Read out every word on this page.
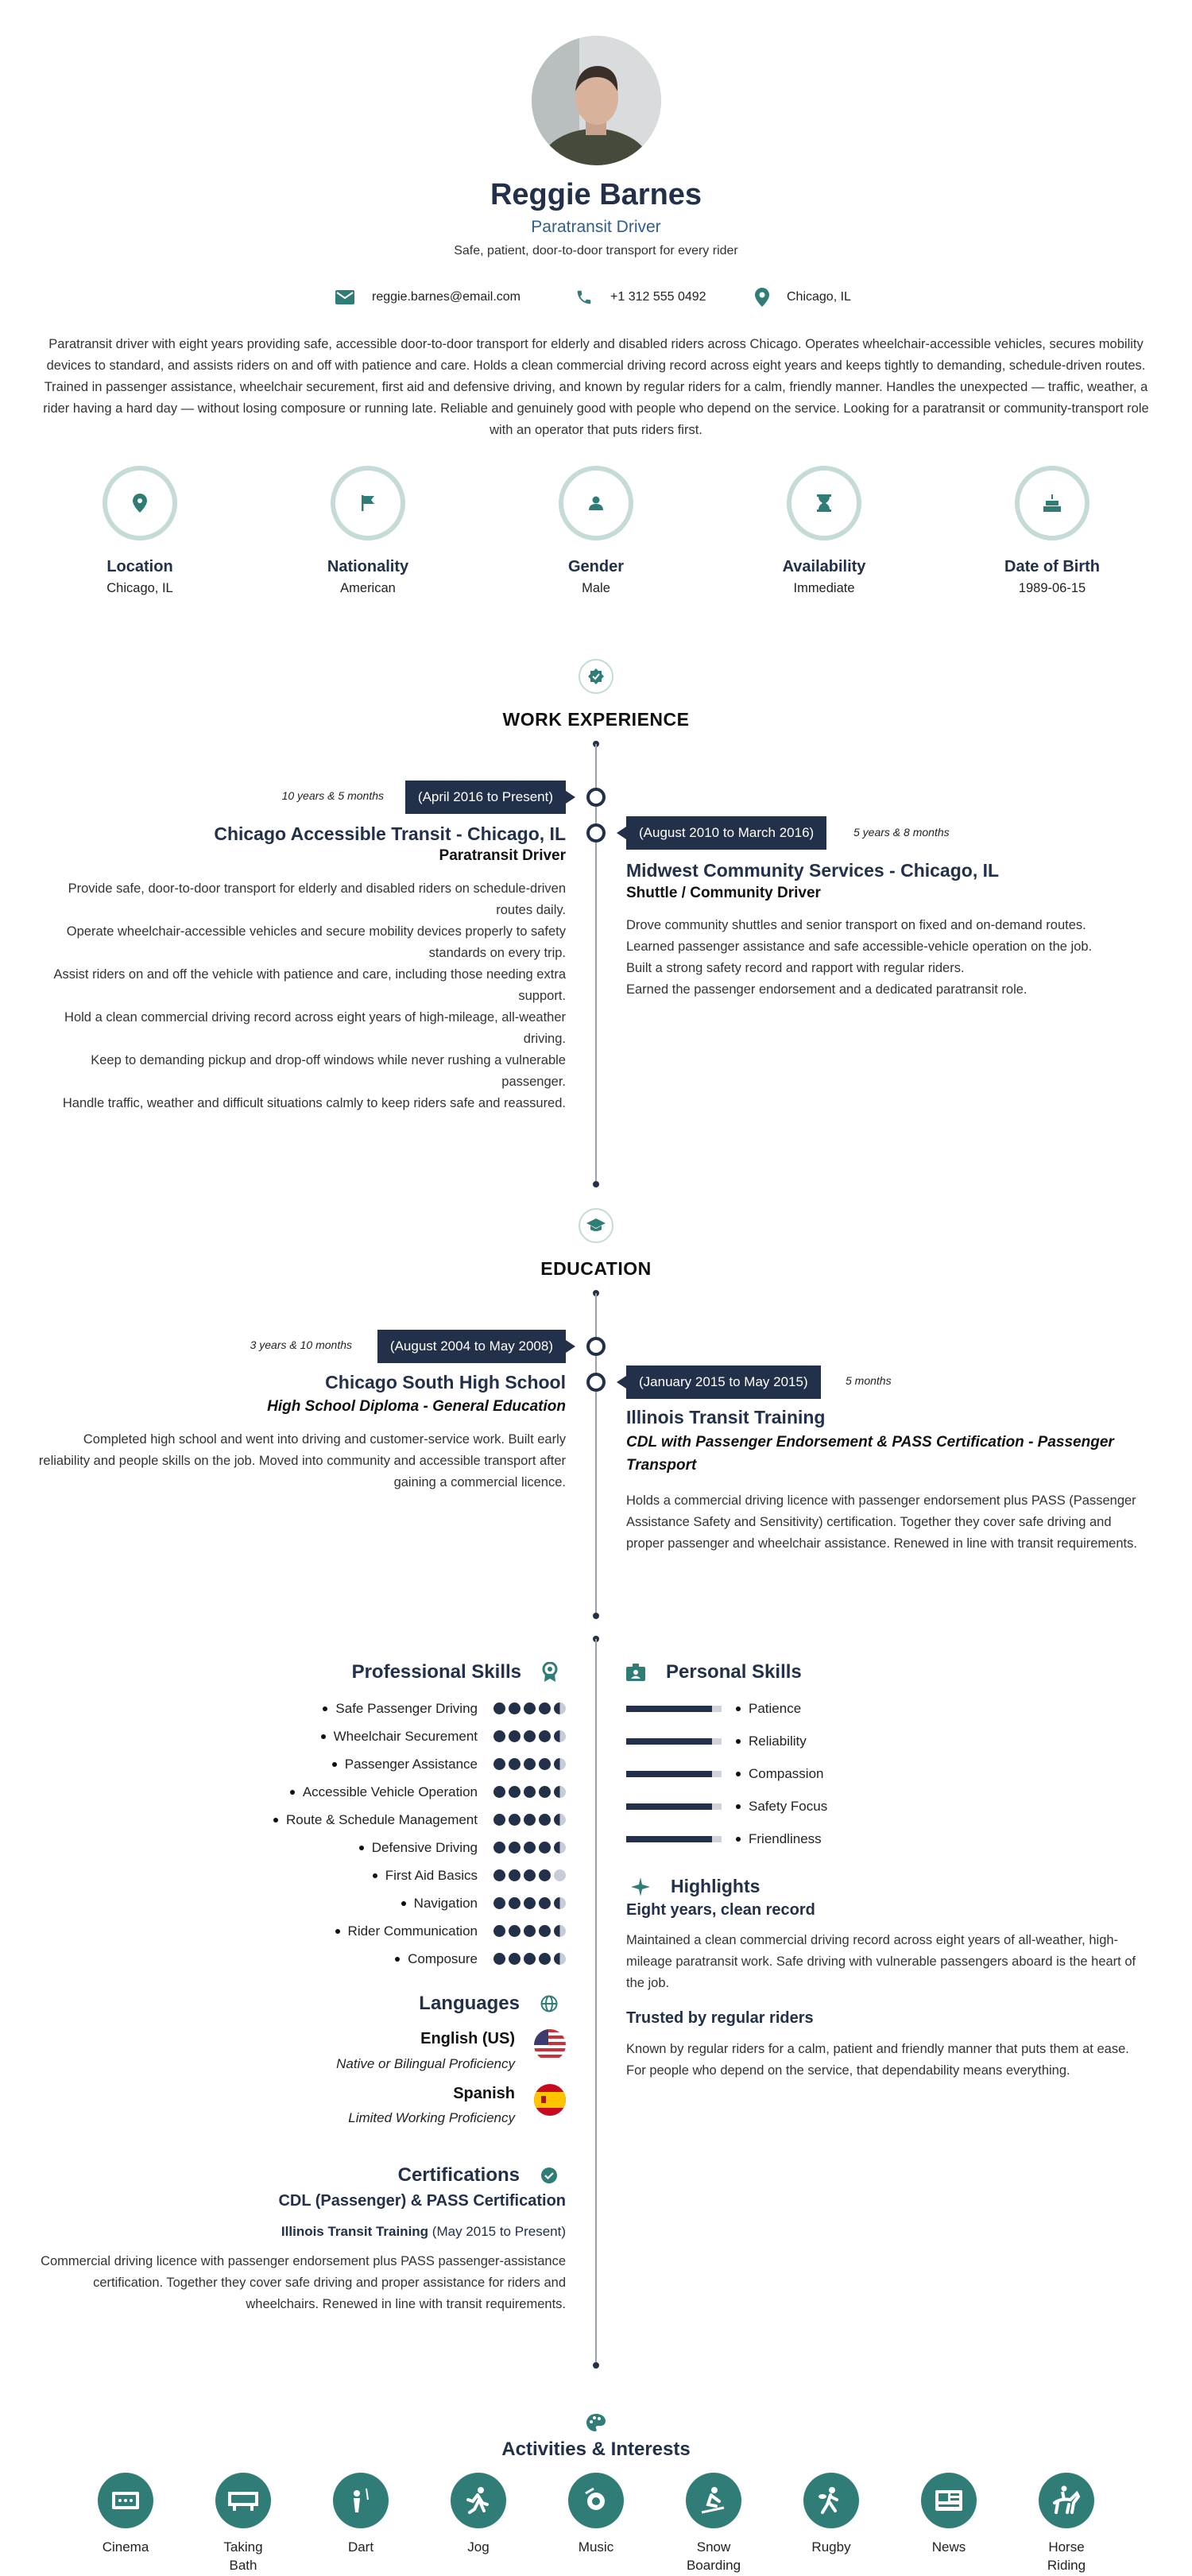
Reggie Barnes
Paratransit Driver
Safe, patient, door-to-door transport for every rider
reggie.barnes@email.com	+1 312 555 0492	Chicago, IL
Paratransit driver with eight years providing safe, accessible door-to-door transport for elderly and disabled riders across Chicago. Operates wheelchair-accessible vehicles, secures mobility devices to standard, and assists riders on and off with patience and care. Holds a clean commercial driving record across eight years and keeps tightly to demanding, schedule-driven routes. Trained in passenger assistance, wheelchair securement, first aid and defensive driving, and known by regular riders for a calm, friendly manner. Handles the unexpected — traffic, weather, a rider having a hard day — without losing composure or running late. Reliable and genuinely good with people who depend on the service. Looking for a paratransit or community-transport role with an operator that puts riders first.
Location
Chicago, IL
Nationality
American
Gender
Male
Availability
Immediate
Date of Birth
1989-06-15
WORK EXPERIENCE
10 years & 5 months	(April 2016 to Present)
Chicago Accessible Transit - Chicago, IL
Paratransit Driver
Provide safe, door-to-door transport for elderly and disabled riders on schedule-driven routes daily.
Operate wheelchair-accessible vehicles and secure mobility devices properly to safety standards on every trip.
Assist riders on and off the vehicle with patience and care, including those needing extra support.
Hold a clean commercial driving record across eight years of high-mileage, all-weather driving.
Keep to demanding pickup and drop-off windows while never rushing a vulnerable passenger.
Handle traffic, weather and difficult situations calmly to keep riders safe and reassured.
(August 2010 to March 2016)	5 years & 8 months
Midwest Community Services - Chicago, IL
Shuttle / Community Driver
Drove community shuttles and senior transport on fixed and on-demand routes.
Learned passenger assistance and safe accessible-vehicle operation on the job.
Built a strong safety record and rapport with regular riders.
Earned the passenger endorsement and a dedicated paratransit role.
EDUCATION
3 years & 10 months	(August 2004 to May 2008)
Chicago South High School
High School Diploma - General Education
Completed high school and went into driving and customer-service work. Built early reliability and people skills on the job. Moved into community and accessible transport after gaining a commercial licence.
(January 2015 to May 2015)	5 months
Illinois Transit Training
CDL with Passenger Endorsement & PASS Certification - Passenger Transport
Holds a commercial driving licence with passenger endorsement plus PASS (Passenger Assistance Safety and Sensitivity) certification. Together they cover safe driving and proper passenger and wheelchair assistance. Renewed in line with transit requirements.
Professional Skills
Safe Passenger Driving
Wheelchair Securement
Passenger Assistance
Accessible Vehicle Operation
Route & Schedule Management
Defensive Driving
First Aid Basics
Navigation
Rider Communication
Composure
Languages
English (US)
Native or Bilingual Proficiency
Spanish
Limited Working Proficiency
Certifications
CDL (Passenger) & PASS Certification
Illinois Transit Training (May 2015 to Present)
Commercial driving licence with passenger endorsement plus PASS passenger-assistance certification. Together they cover safe driving and proper assistance for riders and wheelchairs. Renewed in line with transit requirements.
Personal Skills
Patience
Reliability
Compassion
Safety Focus
Friendliness
Highlights
Eight years, clean record
Maintained a clean commercial driving record across eight years of all-weather, high-mileage paratransit work. Safe driving with vulnerable passengers aboard is the heart of the job.
Trusted by regular riders
Known by regular riders for a calm, patient and friendly manner that puts them at ease. For people who depend on the service, that dependability means everything.
Activities & Interests
Cinema	Taking Bath
Dart	Jog	Music	Snow Boarding
Rugby	News	Horse Riding
